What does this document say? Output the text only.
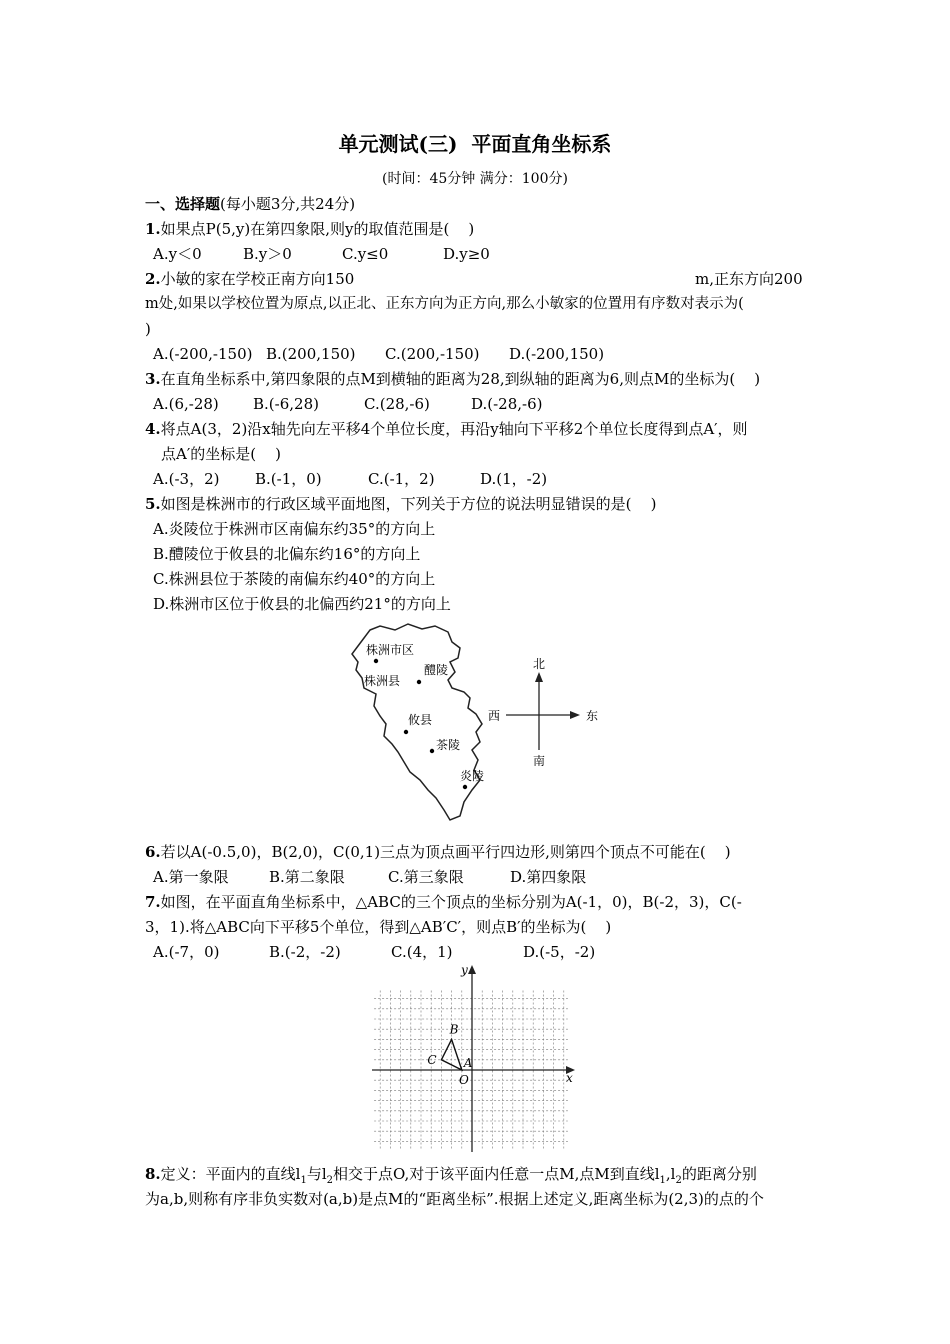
单元测试(三)  平面直角坐标系
(时间：45分钟 满分：100分)
一、选择题(每小题3分,共24分)
1.如果点P(5,y)在第四象限,则y的取值范围是(    )
A.y＜0	B.y＞0	C.y≤0	D.y≥0
2.小敏的家在学校正南方向150	m,正东方向200
m处,如果以学校位置为原点,以正北、正东方向为正方向,那么小敏家的位置用有序数对表示为(
)
A.(-200,-150) B.(200,150) C.(200,-150) D.(-200,150)
3.在直角坐标系中,第四象限的点M到横轴的距离为28,到纵轴的距离为6,则点M的坐标为(    )
A.(6,-28) B.(-6,28)	C.(28,-6)	D.(-28,-6)
4.将点A(3，2)沿x轴先向左平移4个单位长度，再沿y轴向下平移2个单位长度得到点A′，则
点A′的坐标是(    )
A.(-3，2) B.(-1，0)	C.(-1，2)	D.(1，-2)
5.如图是株洲市的行政区域平面地图，下列关于方位的说法明显错误的是(    )
A.炎陵位于株洲市区南偏东约35°的方向上
B.醴陵位于攸县的北偏东约16°的方向上
C.株洲县位于茶陵的南偏东约40°的方向上
D.株洲市区位于攸县的北偏西约21°的方向上
株洲市区
株洲县
醴陵
攸县
茶陵
炎陵
北
南
东
西
6.若以A(-0.5,0)，B(2,0)，C(0,1)三点为顶点画平行四边形,则第四个顶点不可能在(    )
A.第一象限	B.第二象限	C.第三象限	D.第四象限
7.如图，在平面直角坐标系中，△ABC的三个顶点的坐标分别为A(-1，0)，B(-2，3)，C(-
3，1).将△ABC向下平移5个单位，得到△AB′C′，则点B′的坐标为(    )
A.(-7，0)	B.(-2，-2)	C.(4，1)	D.(-5，-2)
x
y
O
A
B
C
8.定义：平面内的直线$l_1$与$l_2$相交于点O,对于该平面内任意一点M,点M到直线$l_1,l_2$的距离分别
为a,b,则称有序非负实数对(a,b)是点M的“距离坐标”.根据上述定义,距离坐标为(2,3)的点的个
